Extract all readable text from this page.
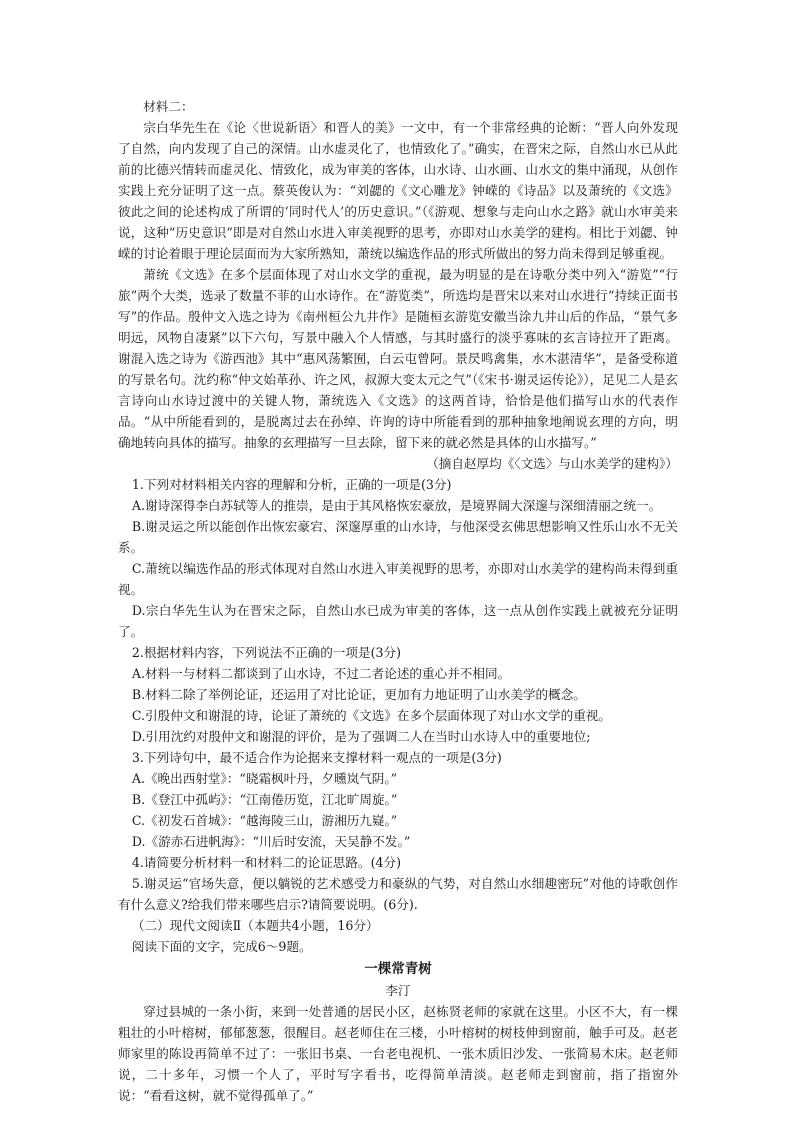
材料二：

宗白华先生在《论〈世说新语〉和晋人的美》一文中，有一个非常经典的论断：“晋人向外发现了自然，向内发现了自己的深情。山水虚灵化了，也情致化了。”确实，在晋宋之际，自然山水已从此前的比德兴情转而虚灵化、情致化，成为审美的客体，山水诗、山水画、山水文的集中涌现，从创作实践上充分证明了这一点。蔡英俊认为：“刘勰的《文心雕龙》钟嵘的《诗品》以及萧统的《文选》彼此之间的论述构成了所谓的‘同时代人’的历史意识。”（《游观、想象与走向山水之路》就山水审美来说，这种“历史意识”即是对自然山水进入审美视野的思考，亦即对山水美学的建构。相比于刘勰、钟嵘的讨论着眼于理论层面而为大家所熟知，萧统以编选作品的形式所做出的努力尚未得到足够重视。

萧统《文选》在多个层面体现了对山水文学的重视，最为明显的是在诗歌分类中列入“游览”“行旅”两个大类，选录了数量不菲的山水诗作。在“游览类”，所选均是晋宋以来对山水进行“持续正面书写”的作品。殷仲文入选之诗为《南州桓公九井作》是随桓玄游览安徽当涂九井山后的作品，“景气多明远，风物自凄紧”以下六句，写景中融入个人情感，与其时盛行的淡乎寡味的玄言诗拉开了距离。谢混入选之诗为《游西池》其中“惠风荡繁囿，白云屯曾阿。景昃鸣禽集，水木湛清华”，是备受称道的写景名句。沈约称“仲文始革孙、许之风，叔源大变太元之气”（《宋书·谢灵运传论》），足见二人是玄言诗向山水诗过渡中的关键人物，萧统选入《文选》的这两首诗，恰恰是他们描写山水的代表作品。“从中所能看到的，是脱离过去在孙绰、许询的诗中所能看到的那种抽象地阐说玄理的方向，明确地转向具体的描写。抽象的玄理描写一旦去除，留下来的就必然是具体的山水描写。”

（摘自赵厚均《〈文选〉与山水美学的建构》）

1.下列对材料相关内容的理解和分析，正确的一项是(3分)

A.谢诗深得李白苏轼等人的推崇，是由于其风格恢宏豪放，是境界阔大深邃与深细清丽之统一。

B.谢灵运之所以能创作出恢宏豪宕、深邃厚重的山水诗，与他深受玄佛思想影响又性乐山水不无关系。

C.萧统以编选作品的形式体现对自然山水进入审美视野的思考，亦即对山水美学的建构尚未得到重视。

D.宗白华先生认为在晋宋之际，自然山水已成为审美的客体，这一点从创作实践上就被充分证明了。

2.根据材料内容，下列说法不正确的一项是(3分)

A.材料一与材料二都谈到了山水诗，不过二者论述的重心并不相同。

B.材料二除了举例论证，还运用了对比论证，更加有力地证明了山水美学的概念。

C.引殷仲文和谢混的诗，论证了萧统的《文选》在多个层面体现了对山水文学的重视。

D.引用沈约对殷仲文和谢混的评价，是为了强调二人在当时山水诗人中的重要地位;

3.下列诗句中，最不适合作为论据来支撑材料一观点的一项是(3分)

A.《晚出西射堂》：“晓霜枫叶丹，夕曛岚气阴。”

B.《登江中孤屿》：“江南倦历览，江北旷周旋。”

C.《初发石首城》：“越海陵三山，游湘历九嶷。”

D.《游赤石进帆海》：“川后时安流，天吴静不发。”

4.请简要分析材料一和材料二的论证思路。(4分)

5.谢灵运“官场失意，便以躺锐的艺术感受力和豪纵的气势，对自然山水细趣密玩”对他的诗歌创作有什么意义?给我们带来哪些启示?请简要说明。(6分).

（二）现代文阅读Ⅱ（本题共4小题，16分）

阅读下面的文字，完成6～9题。

一棵常青树

李汀

穿过县城的一条小街，来到一处普通的居民小区，赵栋贤老师的家就在这里。小区不大，有一棵粗壮的小叶榕树，郁郁葱葱，很醒目。赵老师住在三楼，小叶榕树的树枝伸到窗前，触手可及。赵老师家里的陈设再简单不过了：一张旧书桌、一台老电视机、一张木质旧沙发、一张简易木床。赵老师说，二十多年，习惯一个人了，平时写字看书，吃得简单清淡。赵老师走到窗前，指了指窗外说：“看看这树，就不觉得孤单了。”
